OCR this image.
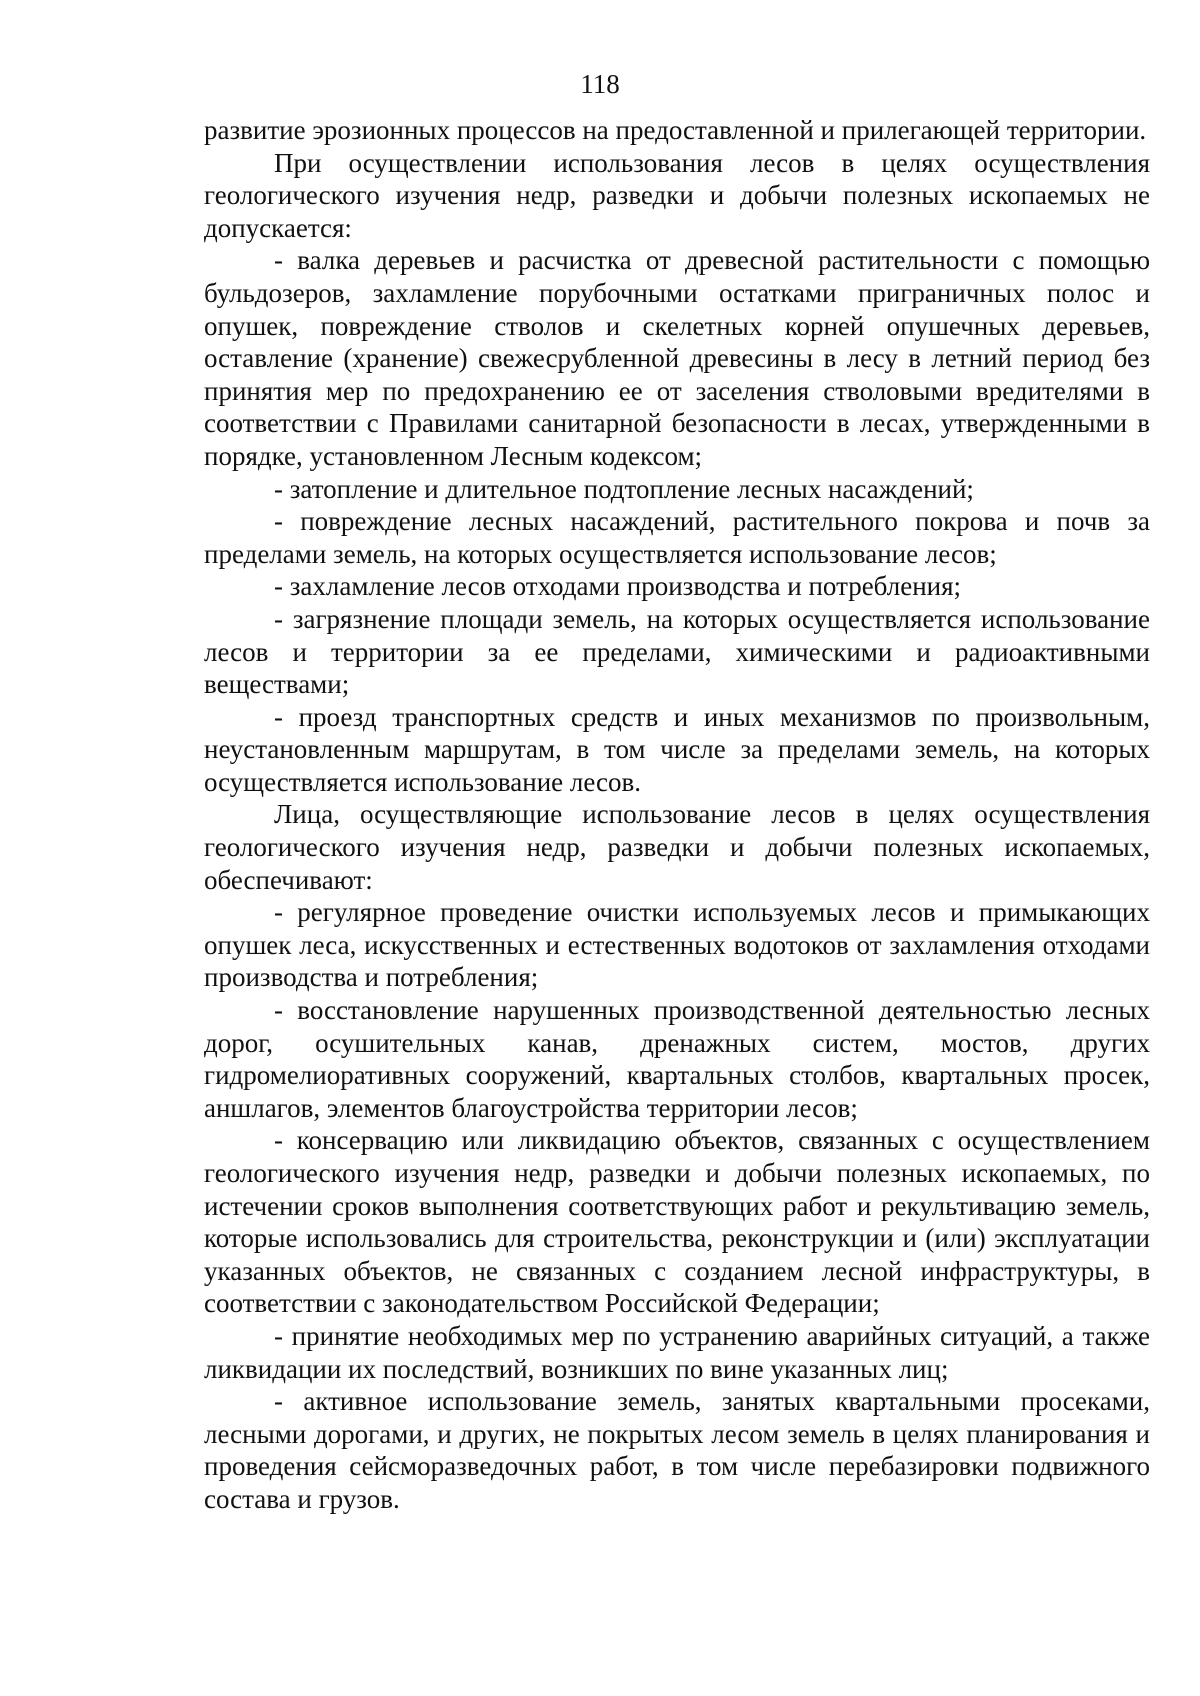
118

развитие эрозионных процессов на предоставленной и прилегающей территории.

При осуществлении использования лесов в целях осуществления геологического изучения недр, разведки и добычи полезных ископаемых не допускается:

- валка деревьев и расчистка от древесной растительности с помощью бульдозеров, захламление порубочными остатками приграничных полос и опушек, повреждение стволов и скелетных корней опушечных деревьев, оставление (хранение) свежесрубленной древесины в лесу в летний период без принятия мер по предохранению ее от заселения стволовыми вредителями в соответствии с Правилами санитарной безопасности в лесах, утвержденными в порядке, установленном Лесным кодексом;

- затопление и длительное подтопление лесных насаждений;

- повреждение лесных насаждений, растительного покрова и почв за пределами земель, на которых осуществляется использование лесов;

- захламление лесов отходами производства и потребления;

- загрязнение площади земель, на которых осуществляется использование лесов и территории за ее пределами, химическими и радиоактивными веществами;

- проезд транспортных средств и иных механизмов по произвольным, неустановленным маршрутам, в том числе за пределами земель, на которых осуществляется использование лесов.

Лица, осуществляющие использование лесов в целях осуществления геологического изучения недр, разведки и добычи полезных ископаемых, обеспечивают:

- регулярное проведение очистки используемых лесов и примыкающих опушек леса, искусственных и естественных водотоков от захламления отходами производства и потребления;

- восстановление нарушенных производственной деятельностью лесных дорог, осушительных канав, дренажных систем, мостов, других гидромелиоративных сооружений, квартальных столбов, квартальных просек, аншлагов, элементов благоустройства территории лесов;

- консервацию или ликвидацию объектов, связанных с осуществлением геологического изучения недр, разведки и добычи полезных ископаемых, по истечении сроков выполнения соответствующих работ и рекультивацию земель, которые использовались для строительства, реконструкции и (или) эксплуатации указанных объектов, не связанных с созданием лесной инфраструктуры, в соответствии с законодательством Российской Федерации;

- принятие необходимых мер по устранению аварийных ситуаций, а также ликвидации их последствий, возникших по вине указанных лиц;

- активное использование земель, занятых квартальными просеками, лесными дорогами, и других, не покрытых лесом земель в целях планирования и проведения сейсморазведочных работ, в том числе перебазировки подвижного состава и грузов.
